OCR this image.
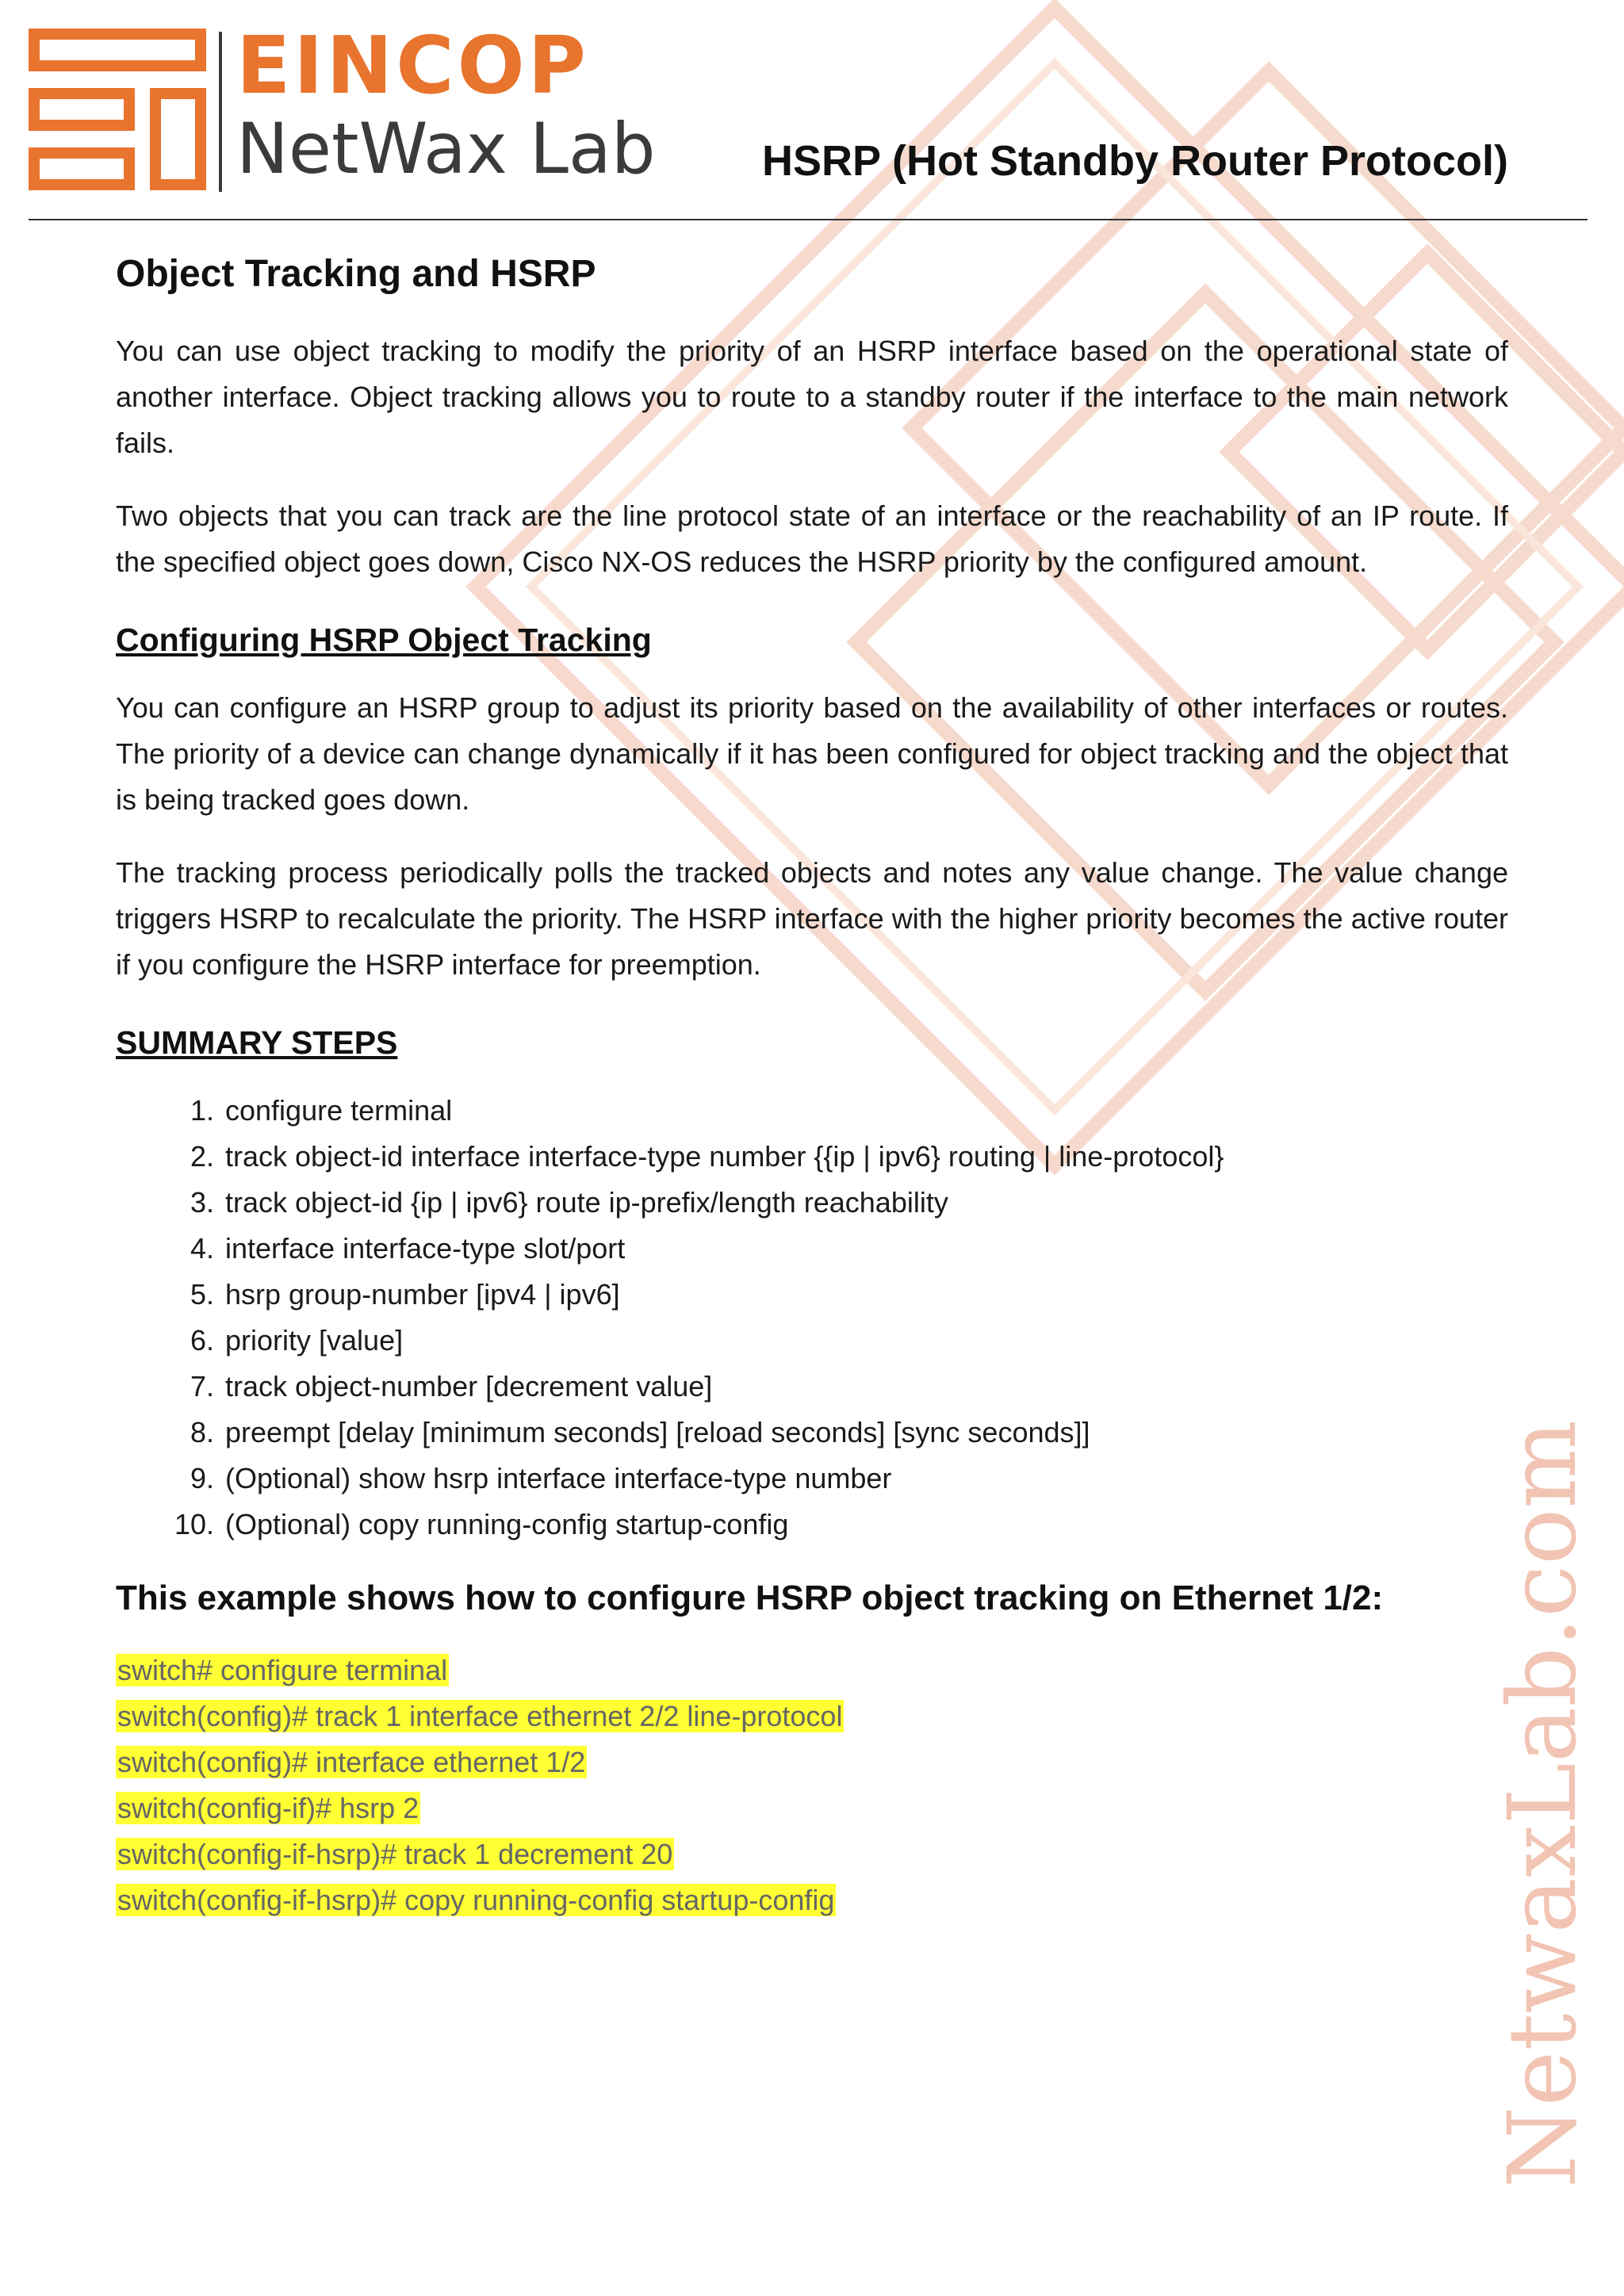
EINCOP
NetWax Lab HSRP (Hot Standby Router Protocol)
Object Tracking and HSRP

You can use object tracking to modify the priority of an HSRP interface based on the operational state of another interface. Object tracking allows you to route to a standby router if the interface to the main network fails.

Two objects that you can track are the line protocol state of an interface or the reachability of an IP route. If the specified object goes down, Cisco NX-OS reduces the HSRP priority by the configured amount.

Configuring HSRP Object Tracking

You can configure an HSRP group to adjust its priority based on the availability of other interfaces or routes. The priority of a device can change dynamically if it has been configured for object tracking and the object that is being tracked goes down.

The tracking process periodically polls the tracked objects and notes any value change. The value change triggers HSRP to recalculate the priority. The HSRP interface with the higher priority becomes the active router if you configure the HSRP interface for preemption.

SUMMARY STEPS
1. configure terminal
2. track object-id interface interface-type number {{ip | ipv6} routing | line-protocol}
3. track object-id {ip | ipv6} route ip-prefix/length reachability
4. interface interface-type slot/port
5. hsrp group-number [ipv4 | ipv6]
6. priority [value]
7. track object-number [decrement value]
8. preempt [delay [minimum seconds] [reload seconds] [sync seconds]]
9. (Optional) show hsrp interface interface-type number
10. (Optional) copy running-config startup-config
This example shows how to configure HSRP object tracking on Ethernet 1/2:
switch# configure terminal
switch(config)# track 1 interface ethernet 2/2 line-protocol
switch(config)# interface ethernet 1/2
switch(config-if)# hsrp 2
switch(config-if-hsrp)# track 1 decrement 20
switch(config-if-hsrp)# copy running-config startup-config	NetwaxLab.com
